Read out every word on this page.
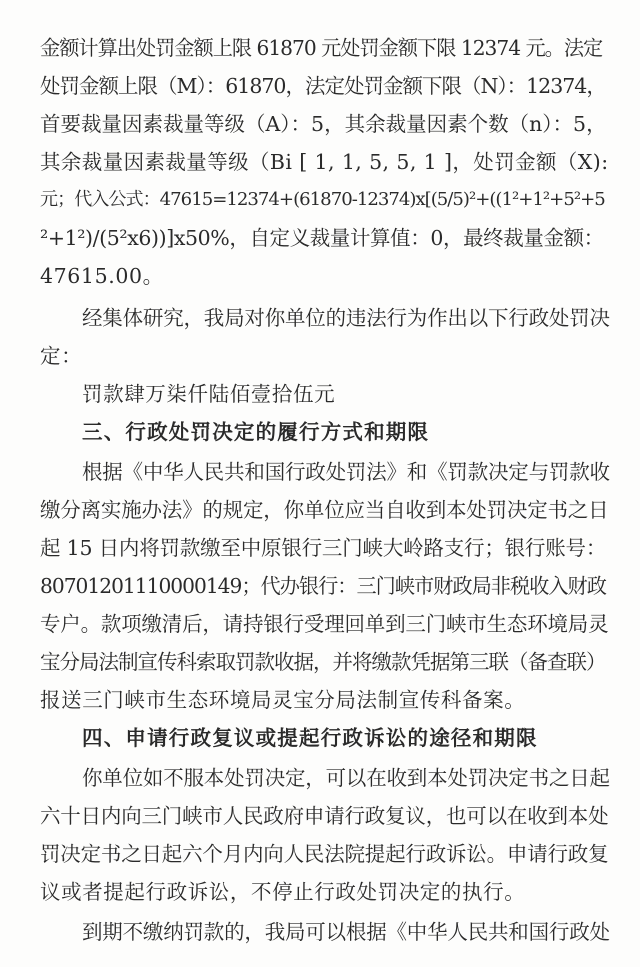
金额计算出处罚金额上限 61870 元处罚金额下限 12374 元。法定
处罚金额上限（M）：61870，法定处罚金额下限（N）：12374，
首要裁量因素裁量等级（A）：5，其余裁量因素个数（n）：5，
其余裁量因素裁量等级（Bi [ 1, 1, 5, 5, 1 ]，处罚金额（X):
元；代入公式：47615=12374+(61870-12374)x[(5/5)²+((1²+1²+5²+5
²+1²)/(5²x6))]x50%，自定义裁量计算值：0，最终裁量金额：
47615.00。
经集体研究，我局对你单位的违法行为作出以下行政处罚决
定：
罚款肆万柒仟陆佰壹拾伍元
三、行政处罚决定的履行方式和期限
根据《中华人民共和国行政处罚法》和《罚款决定与罚款收
缴分离实施办法》的规定，你单位应当自收到本处罚决定书之日
起 15 日内将罚款缴至中原银行三门峡大岭路支行；银行账号：
80701201110000149；代办银行：三门峡市财政局非税收入财政
专户。款项缴清后，请持银行受理回单到三门峡市生态环境局灵
宝分局法制宣传科索取罚款收据，并将缴款凭据第三联（备查联）
报送三门峡市生态环境局灵宝分局法制宣传科备案。
四、申请行政复议或提起行政诉讼的途径和期限
你单位如不服本处罚决定，可以在收到本处罚决定书之日起
六十日内向三门峡市人民政府申请行政复议，也可以在收到本处
罚决定书之日起六个月内向人民法院提起行政诉讼。申请行政复
议或者提起行政诉讼，不停止行政处罚决定的执行。
到期不缴纳罚款的，我局可以根据《中华人民共和国行政处
